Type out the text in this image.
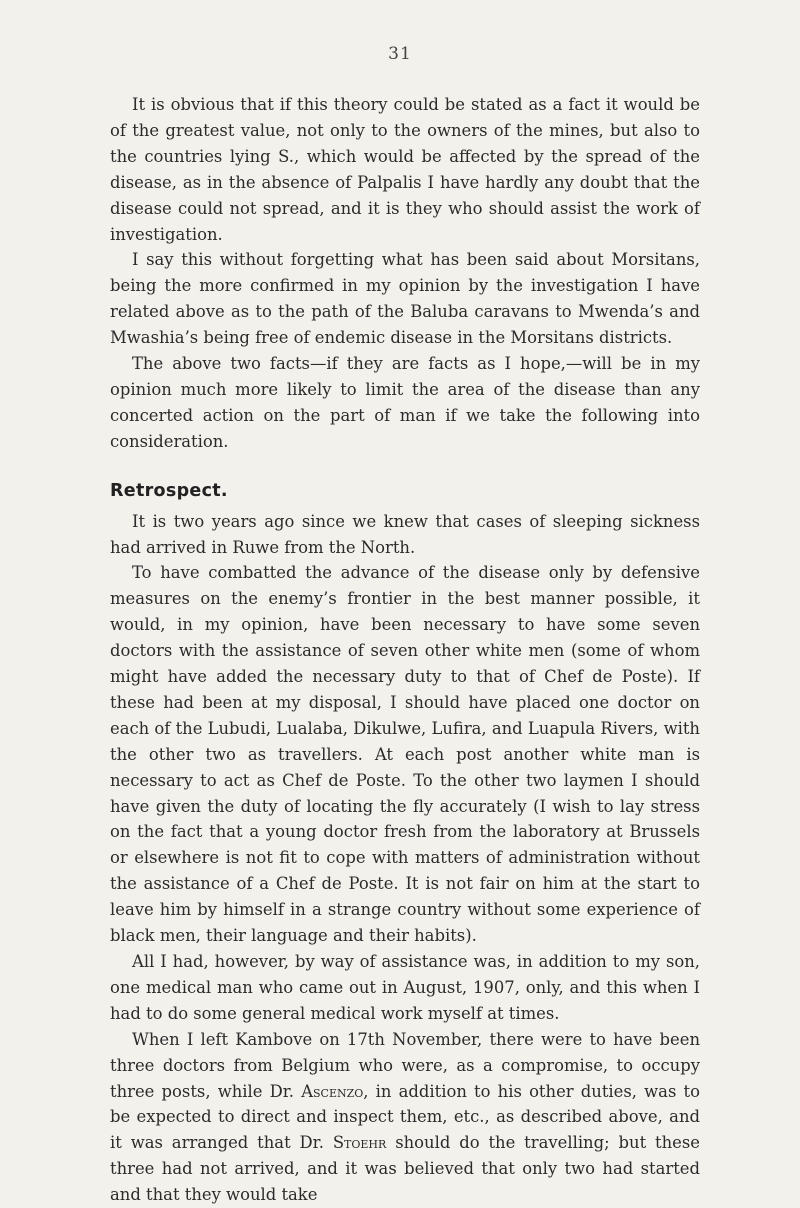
31

It is obvious that if this theory could be stated as a fact it would be of the greatest value, not only to the owners of the mines, but also to the countries lying S., which would be affected by the spread of the disease, as in the absence of Palpalis I have hardly any doubt that the disease could not spread, and it is they who should assist the work of investigation.

I say this without forgetting what has been said about Morsitans, being the more confirmed in my opinion by the investigation I have related above as to the path of the Baluba caravans to Mwenda’s and Mwashia’s being free of endemic disease in the Morsitans districts.

The above two facts—if they are facts as I hope,—will be in my opinion much more likely to limit the area of the disease than any concerted action on the part of man if we take the following into consideration.

Retrospect.

It is two years ago since we knew that cases of sleeping sickness had arrived in Ruwe from the North.

To have combatted the advance of the disease only by defensive measures on the enemy’s frontier in the best manner possible, it would, in my opinion, have been necessary to have some seven doctors with the assistance of seven other white men (some of whom might have added the necessary duty to that of Chef de Poste). If these had been at my disposal, I should have placed one doctor on each of the Lubudi, Lualaba, Dikulwe, Lufira, and Luapula Rivers, with the other two as travellers. At each post another white man is necessary to act as Chef de Poste. To the other two laymen I should have given the duty of locating the fly accurately (I wish to lay stress on the fact that a young doctor fresh from the laboratory at Brussels or elsewhere is not fit to cope with matters of administration without the assistance of a Chef de Poste. It is not fair on him at the start to leave him by himself in a strange country without some experience of black men, their language and their habits).

All I had, however, by way of assistance was, in addition to my son, one medical man who came out in August, 1907, only, and this when I had to do some general medical work myself at times.

When I left Kambove on 17th November, there were to have been three doctors from Belgium who were, as a compromise, to occupy three posts, while Dr. Ascenzo, in addition to his other duties, was to be expected to direct and inspect them, etc., as described above, and it was arranged that Dr. Stoehr should do the travelling; but these three had not arrived, and it was believed that only two had started and that they would take
